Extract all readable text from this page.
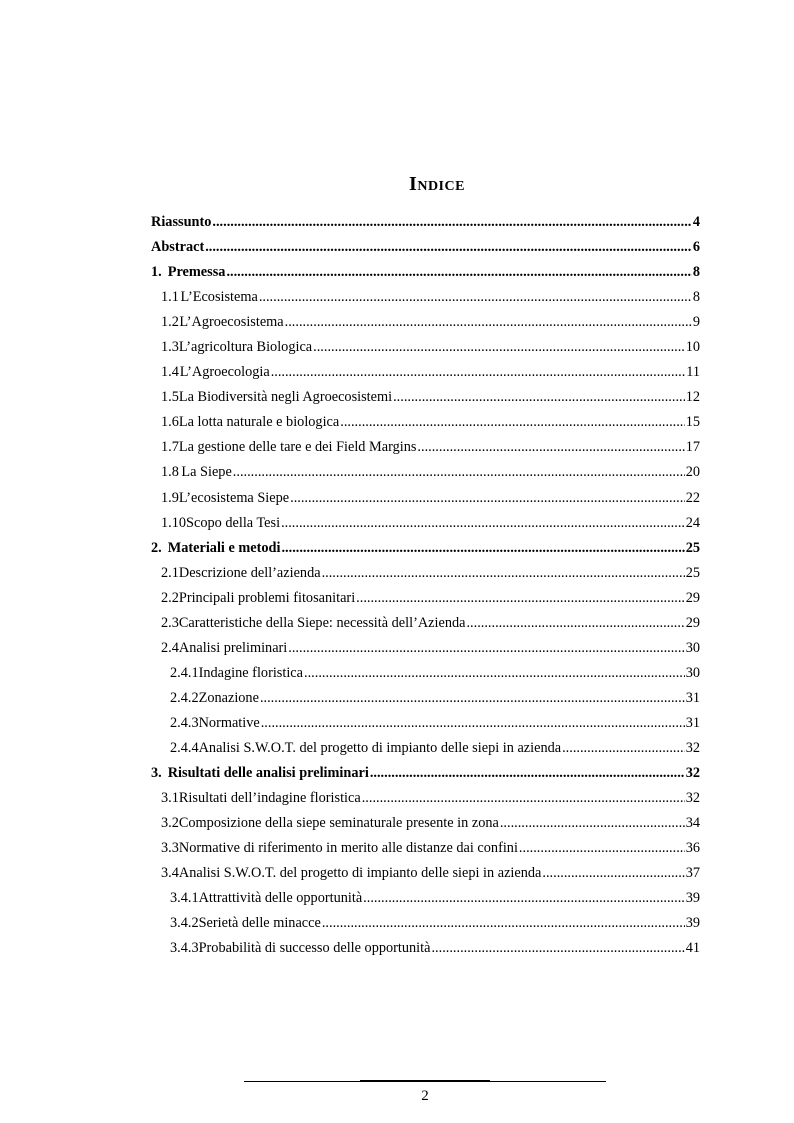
Indice
Riassunto .....	4
Abstract .....	6
1. Premessa .....	8
1.1 L’Ecosistema .....	8
1.2 L’Agroecosistema .....	9
1.3 L’agricoltura Biologica .....	10
1.4 L’Agroecologia .....	11
1.5 La Biodiversità negli Agroecosistemi .....	12
1.6 La lotta naturale e biologica .....	15
1.7 La gestione delle tare e dei Field Margins .....	17
1.8 La Siepe .....	20
1.9 L’ecosistema Siepe .....	22
1.10 Scopo della Tesi .....	24
2. Materiali e metodi .....	25
2.1 Descrizione dell’azienda .....	25
2.2 Principali problemi fitosanitari .....	29
2.3 Caratteristiche della Siepe: necessità dell’Azienda .....	29
2.4 Analisi preliminari .....	30
2.4.1 Indagine floristica .....	30
2.4.2 Zonazione .....	31
2.4.3 Normative .....	31
2.4.4 Analisi S.W.O.T. del progetto di impianto delle siepi in azienda .....	32
3. Risultati delle analisi preliminari .....	32
3.1 Risultati dell’indagine floristica .....	32
3.2 Composizione della siepe seminaturale presente in zona .....	34
3.3 Normative di riferimento in merito alle distanze dai confini .....	36
3.4 Analisi S.W.O.T. del progetto di impianto delle siepi in azienda .....	37
3.4.1 Attrattività delle opportunità .....	39
3.4.2 Serietà delle minacce .....	39
3.4.3 Probabilità di successo delle opportunità .....	41
2
